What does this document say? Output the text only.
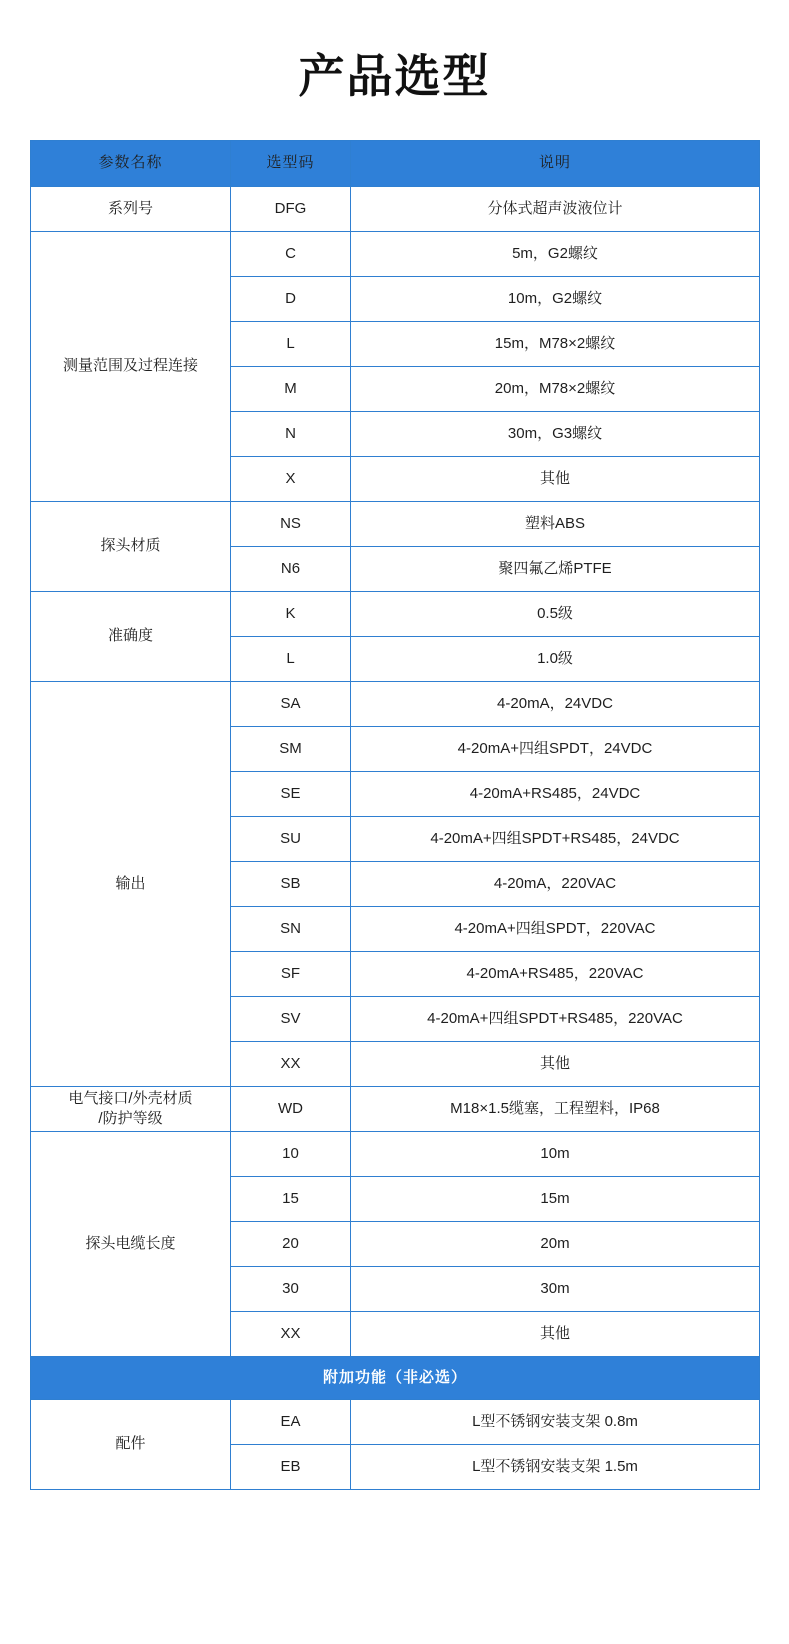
产品选型
参数名称	选型码	说明
系列号	DFG	分体式超声波液位计
测量范围及过程连接	C	5m，G2螺纹
	D	10m，G2螺纹
	L	15m，M78×2螺纹
	M	20m，M78×2螺纹
	N	30m，G3螺纹
	X	其他
探头材质	NS	塑料ABS
	N6	聚四氟乙烯PTFE
准确度	K	0.5级
	L	1.0级
输出	SA	4-20mA，24VDC
	SM	4-20mA+四组SPDT，24VDC
	SE	4-20mA+RS485，24VDC
	SU	4-20mA+四组SPDT+RS485，24VDC
	SB	4-20mA，220VAC
	SN	4-20mA+四组SPDT，220VAC
	SF	4-20mA+RS485，220VAC
	SV	4-20mA+四组SPDT+RS485，220VAC
	XX	其他
电气接口/外壳材质
/防护等级	WD	M18×1.5缆塞，工程塑料，IP68
探头电缆长度	10	10m
	15	15m
	20	20m
	30	30m
	XX	其他
附加功能（非必选）		
配件	EA	L型不锈钢安装支架 0.8m
	EB	L型不锈钢安装支架 1.5m
